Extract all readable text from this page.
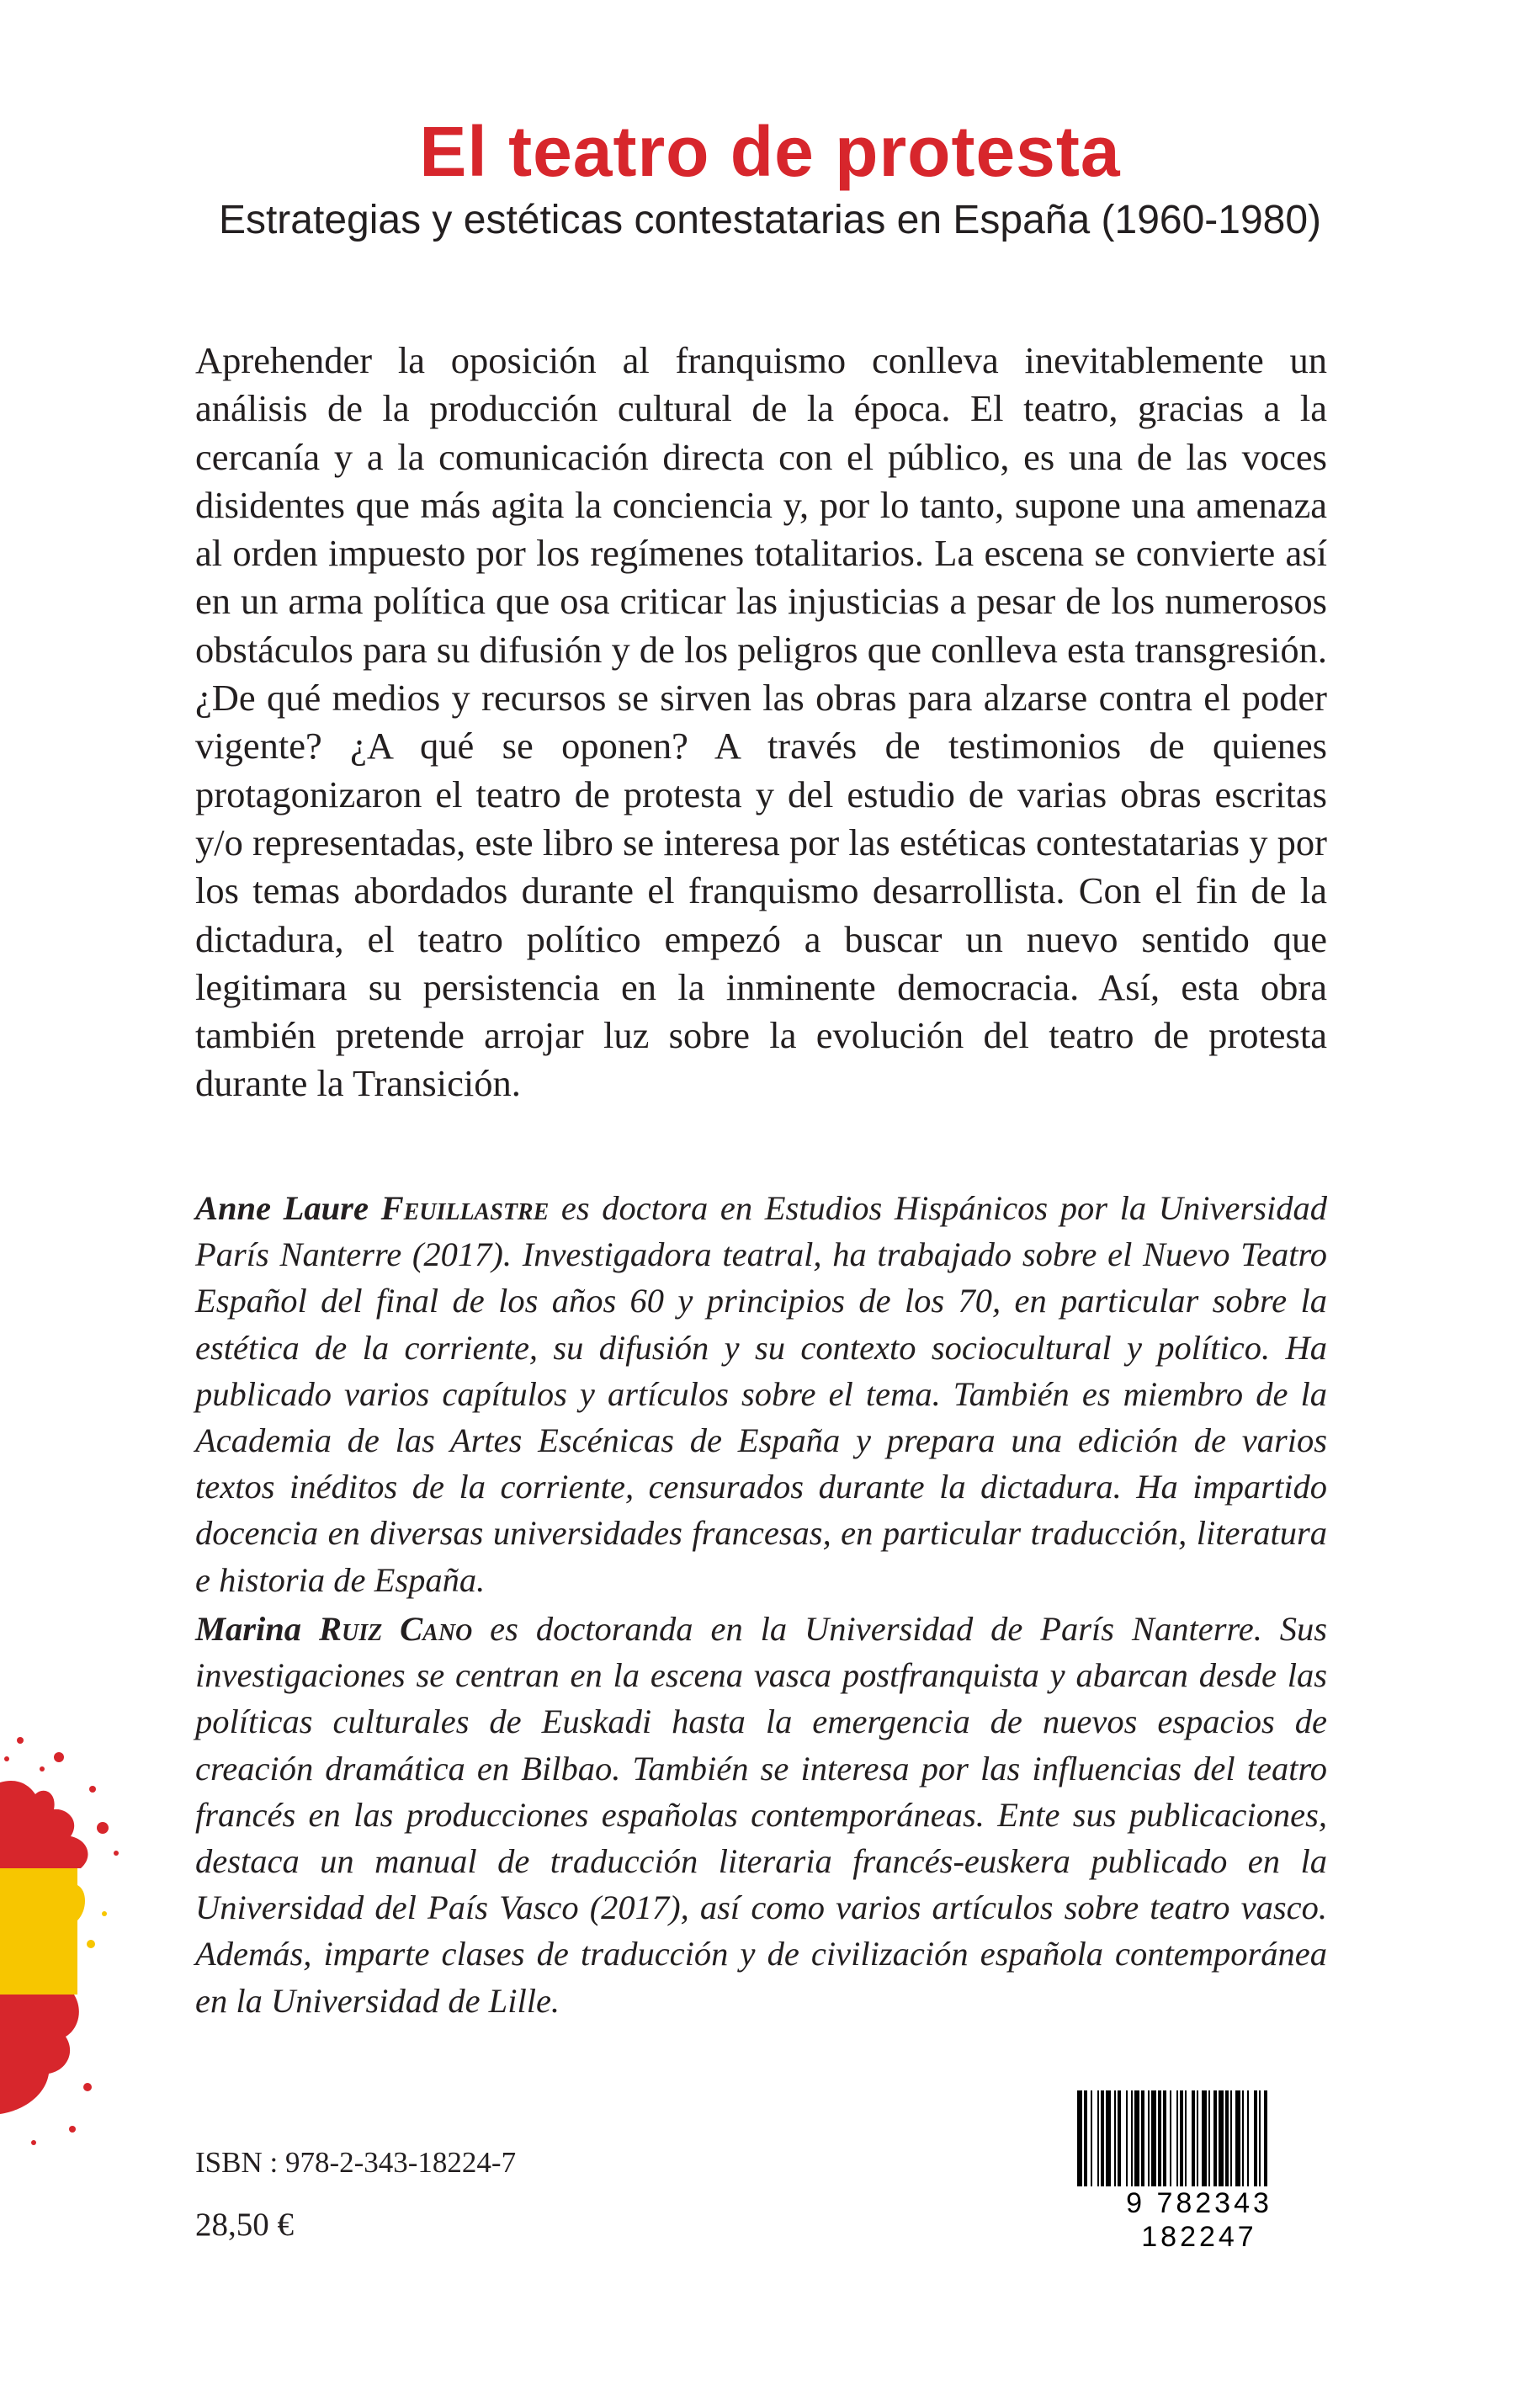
El teatro de protesta
Estrategias y estéticas contestatarias en España (1960-1980)

Aprehender la oposición al franquismo conlleva inevitablemente un análisis de la producción cultural de la época. El teatro, gracias a la cercanía y a la comunicación directa con el público, es una de las voces disidentes que más agita la conciencia y, por lo tanto, supone una amenaza al orden impuesto por los regímenes totalitarios. La escena se convierte así en un arma política que osa criticar las injusticias a pesar de los numerosos obstáculos para su difusión y de los peligros que conlleva esta transgresión. ¿De qué medios y recursos se sirven las obras para alzarse contra el poder vigente? ¿A qué se oponen? A través de testimonios de quienes protagonizaron el teatro de protesta y del estudio de varias obras escritas y/o representadas, este libro se interesa por las estéticas contestatarias y por los temas abordados durante el franquismo desarrollista. Con el fin de la dictadura, el teatro político empezó a buscar un nuevo sentido que legitimara su persistencia en la inminente democracia. Así, esta obra también pretende arrojar luz sobre la evolución del teatro de protesta durante la Transición.

Anne Laure Feuillastre es doctora en Estudios Hispánicos por la Universidad París Nanterre (2017). Investigadora teatral, ha trabajado sobre el Nuevo Teatro Español del final de los años 60 y principios de los 70, en particular sobre la estética de la corriente, su difusión y su contexto sociocultural y político. Ha publicado varios capítulos y artículos sobre el tema. También es miembro de la Academia de las Artes Escénicas de España y prepara una edición de varios textos inéditos de la corriente, censurados durante la dictadura. Ha impartido docencia en diversas universidades francesas, en particular traducción, literatura e historia de España.

Marina Ruiz Cano es doctoranda en la Universidad de París Nanterre. Sus investigaciones se centran en la escena vasca postfranquista y abarcan desde las políticas culturales de Euskadi hasta la emergencia de nuevos espacios de creación dramática en Bilbao. También se interesa por las influencias del teatro francés en las producciones españolas contemporáneas. Ente sus publicaciones, destaca un manual de traducción literaria francés-euskera publicado en la Universidad del País Vasco (2017), así como varios artículos sobre teatro vasco. Además, imparte clases de traducción y de civilización española contemporánea en la Universidad de Lille.

ISBN : 978-2-343-18224-7
28,50 €
9 782343 182247
